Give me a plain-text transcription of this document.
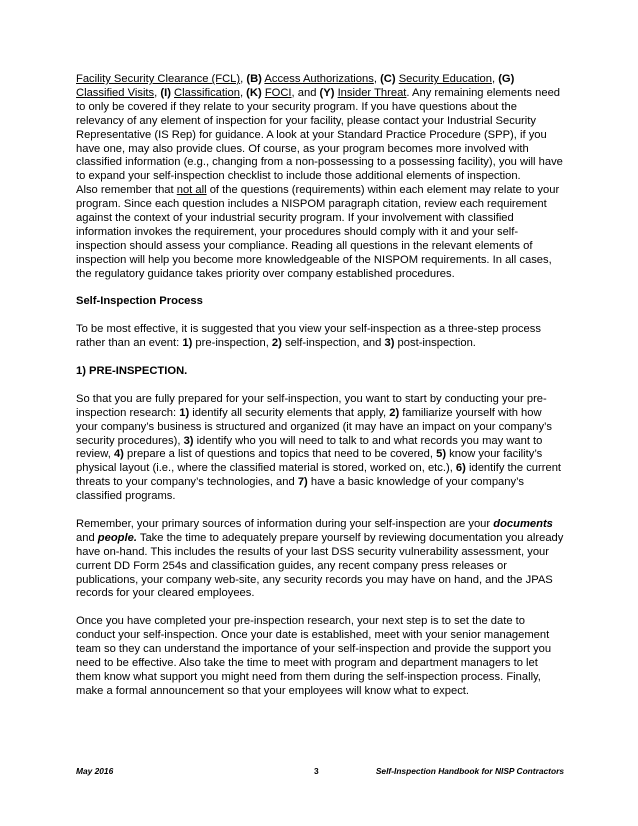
Facility Security Clearance (FCL), (B) Access Authorizations, (C) Security Education, (G) Classified Visits, (I) Classification, (K) FOCI, and (Y) Insider Threat. Any remaining elements need to only be covered if they relate to your security program. If you have questions about the relevancy of any element of inspection for your facility, please contact your Industrial Security Representative (IS Rep) for guidance. A look at your Standard Practice Procedure (SPP), if you have one, may also provide clues. Of course, as your program becomes more involved with classified information (e.g., changing from a non-possessing to a possessing facility), you will have to expand your self-inspection checklist to include those additional elements of inspection.

Also remember that not all of the questions (requirements) within each element may relate to your program. Since each question includes a NISPOM paragraph citation, review each requirement against the context of your industrial security program. If your involvement with classified information invokes the requirement, your procedures should comply with it and your self-inspection should assess your compliance. Reading all questions in the relevant elements of inspection will help you become more knowledgeable of the NISPOM requirements. In all cases, the regulatory guidance takes priority over company established procedures.

Self-Inspection Process

To be most effective, it is suggested that you view your self-inspection as a three-step process rather than an event: 1) pre-inspection, 2) self-inspection, and 3) post-inspection.

1) PRE-INSPECTION.

So that you are fully prepared for your self-inspection, you want to start by conducting your pre-inspection research: 1) identify all security elements that apply, 2) familiarize yourself with how your company’s business is structured and organized (it may have an impact on your company’s security procedures), 3) identify who you will need to talk to and what records you may want to review, 4) prepare a list of questions and topics that need to be covered, 5) know your facility’s physical layout (i.e., where the classified material is stored, worked on, etc.), 6) identify the current threats to your company’s technologies, and 7) have a basic knowledge of your company’s classified programs.

Remember, your primary sources of information during your self-inspection are your documents and people. Take the time to adequately prepare yourself by reviewing documentation you already have on-hand. This includes the results of your last DSS security vulnerability assessment, your current DD Form 254s and classification guides, any recent company press releases or publications, your company web-site, any security records you may have on hand, and the JPAS records for your cleared employees.

Once you have completed your pre-inspection research, your next step is to set the date to conduct your self-inspection. Once your date is established, meet with your senior management team so they can understand the importance of your self-inspection and provide the support you need to be effective. Also take the time to meet with program and department managers to let them know what support you might need from them during the self-inspection process. Finally, make a formal announcement so that your employees will know what to expect.

May 2016	3	Self-Inspection Handbook for NISP Contractors
